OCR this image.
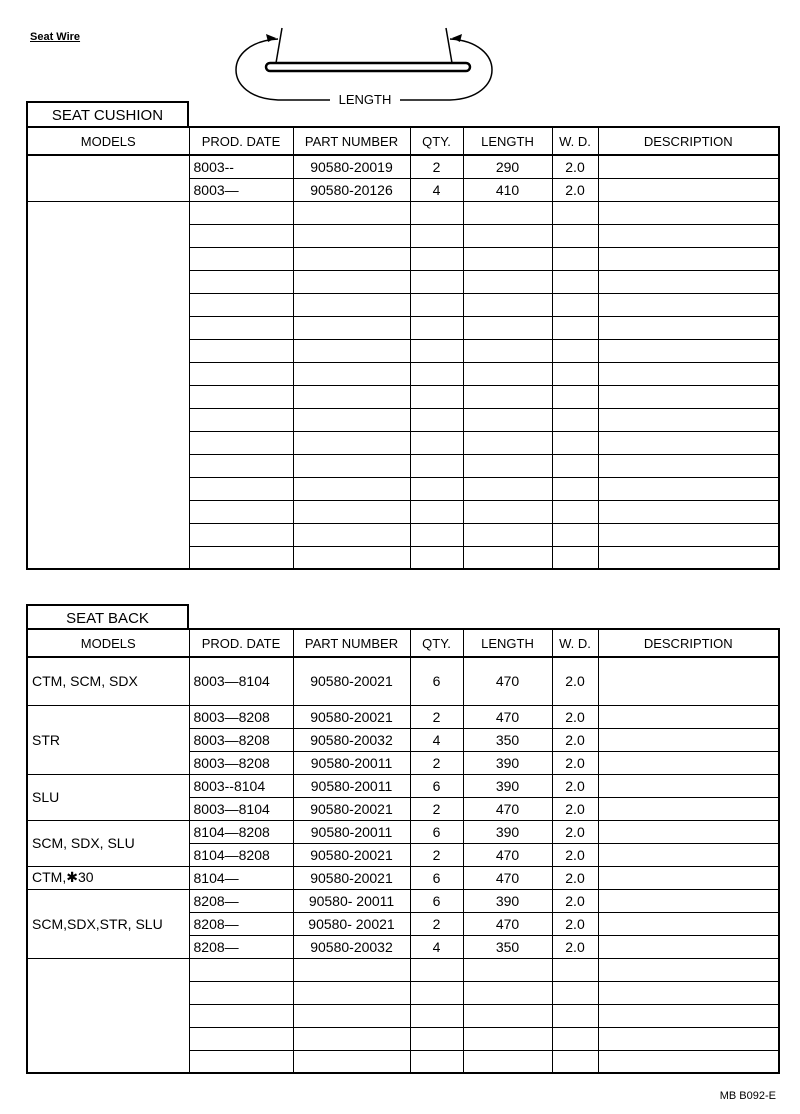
Seat Wire
LENGTH
SEAT CUSHION
MODELS	PROD. DATE	PART NUMBER	QTY.	LENGTH	W. D.	DESCRIPTION
	8003--	90580-20019	2	290	2.0	
	8003—	90580-20126	4	410	2.0	

SEAT BACK
MODELS	PROD. DATE	PART NUMBER	QTY.	LENGTH	W. D.	DESCRIPTION
CTM, SCM, SDX	8003—8104	90580-20021	6	470	2.0	
STR	8003—8208	90580-20021	2	470	2.0	
	8003—8208	90580-20032	4	350	2.0	
	8003—8208	90580-20011	2	390	2.0	
SLU	8003--8104	90580-20011	6	390	2.0	
	8003—8104	90580-20021	2	470	2.0	
SCM, SDX, SLU	8104—8208	90580-20011	6	390	2.0	
	8104—8208	90580-20021	2	470	2.0	
CTM,✱30	8104—	90580-20021	6	470	2.0	
SCM,SDX,STR, SLU	8208—	90580- 20011	6	390	2.0	
	8208—	90580- 20021	2	470	2.0	
	8208—	90580-20032	4	350	2.0	

MB B092-E
